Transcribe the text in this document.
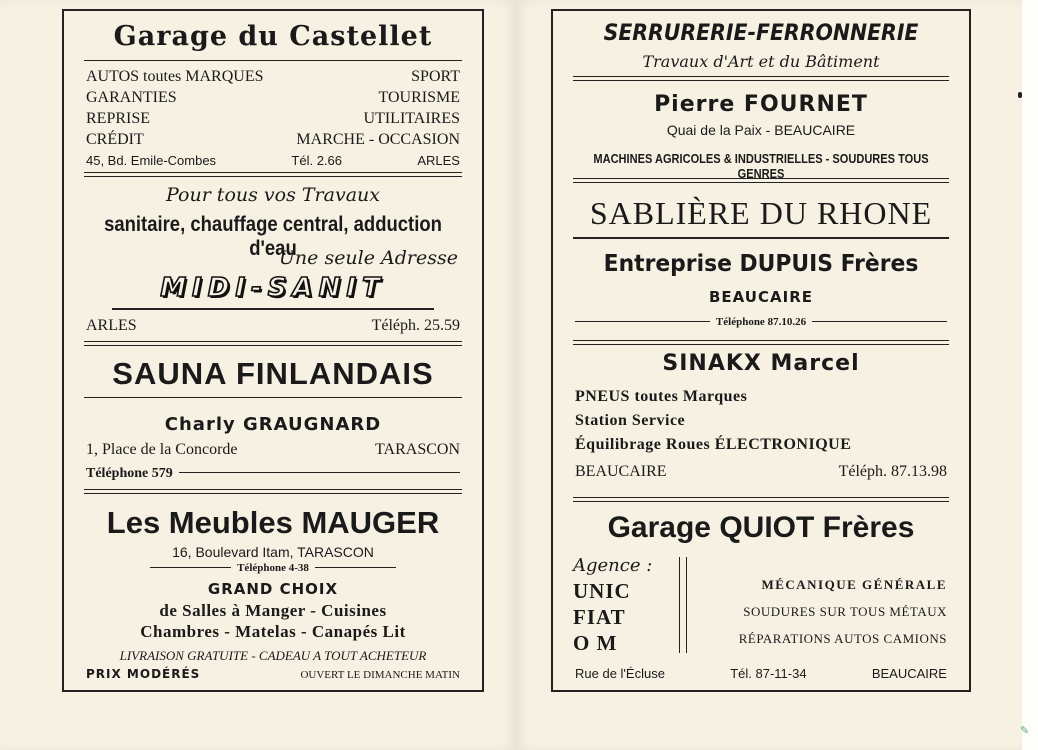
✎
Garage du Castellet
AUTOS toutes MARQUES	SPORT
GARANTIES	TOURISME
REPRISE	UTILITAIRES
CRÉDIT	MARCHE - OCCASION
45, Bd. Emile-Combes	Tél. 2.66	ARLES
Pour tous vos Travaux
sanitaire, chauffage central, adduction d'eau
Une seule Adresse
MIDI-SANIT
ARLES	Téléph. 25.59
SAUNA FINLANDAIS
Charly GRAUGNARD
1, Place de la Concorde	TARASCON
Téléphone 579
Les Meubles MAUGER
16, Boulevard Itam, TARASCON
Téléphone 4-38
GRAND CHOIX
de Salles à Manger - Cuisines
Chambres - Matelas - Canapés Lit
LIVRAISON GRATUITE - CADEAU A TOUT ACHETEUR
PRIX MODÉRÉS	OUVERT LE DIMANCHE MATIN
SERRURERIE-FERRONNERIE
Travaux d'Art et du Bâtiment
Pierre FOURNET
Quai de la Paix - BEAUCAIRE
MACHINES AGRICOLES & INDUSTRIELLES - SOUDURES TOUS GENRES
SABLIÈRE DU RHONE
Entreprise DUPUIS Frères
BEAUCAIRE
Téléphone 87.10.26
SINAKX Marcel
PNEUS toutes Marques
Station Service
Équilibrage Roues ÉLECTRONIQUE
BEAUCAIRE	Téléph. 87.13.98
Garage QUIOT Frères
Agence :
UNIC
FIAT
O M
MÉCANIQUE GÉNÉRALE
SOUDURES SUR TOUS MÉTAUX
RÉPARATIONS AUTOS CAMIONS
Rue de l'Écluse	Tél. 87-11-34	BEAUCAIRE
